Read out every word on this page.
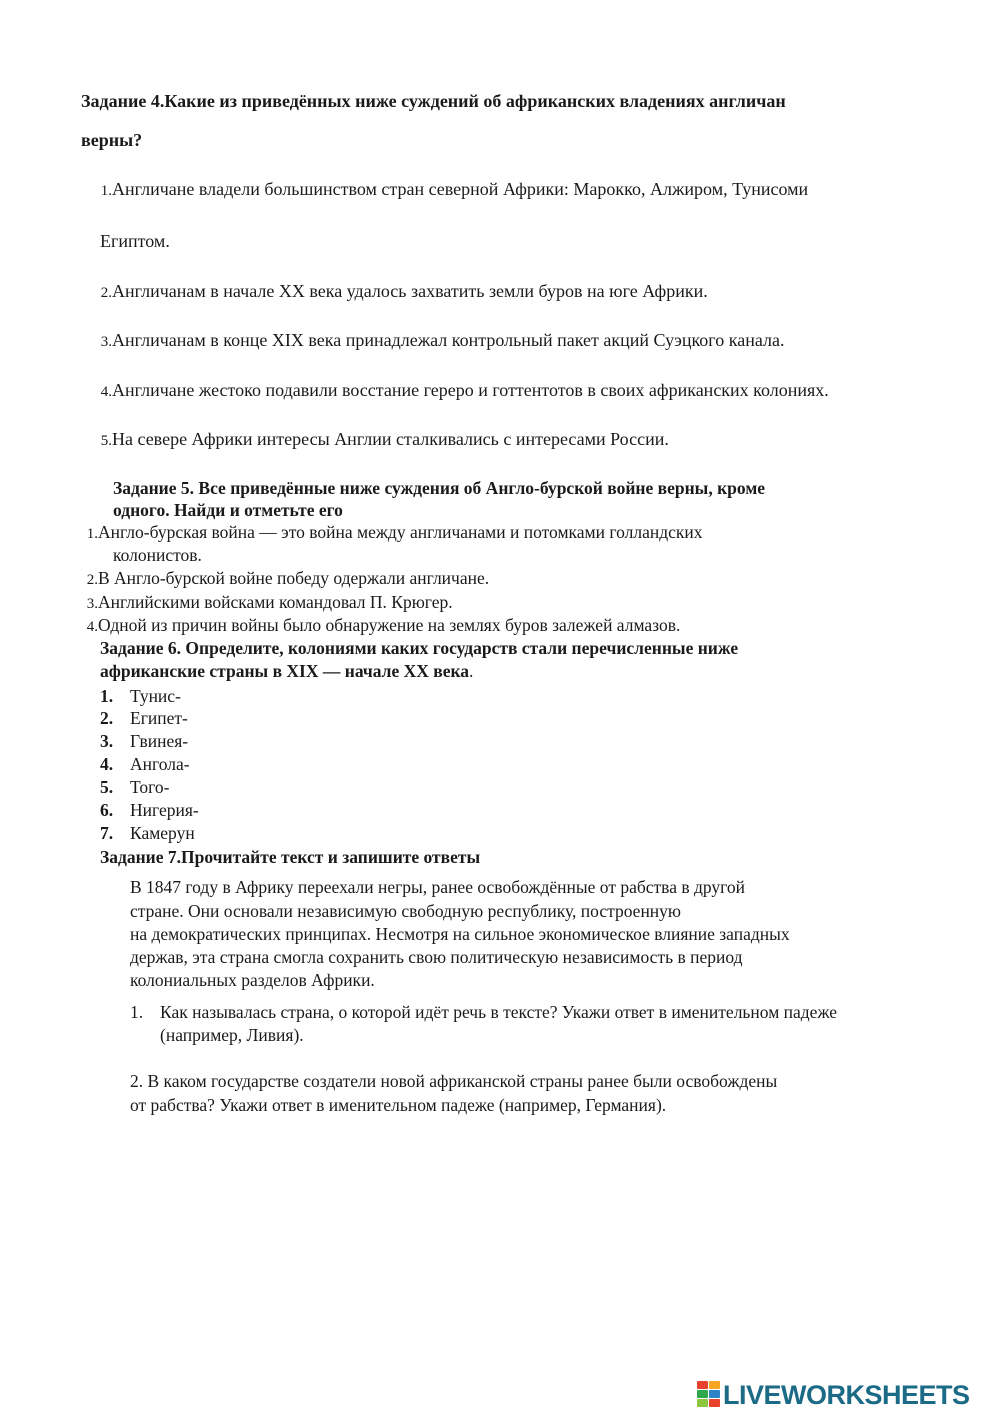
Задание 4.Какие из приведённых ниже суждений об африканских владениях англичан
верны?
1.Англичане владели большинством стран северной Африки: Марокко, Алжиром, Тунисоми
Египтом.
2.Англичанам в начале XX века удалось захватить земли буров на юге Африки.
3.Англичанам в конце XIX века принадлежал контрольный пакет акций Суэцкого канала.
4.Англичане жестоко подавили восстание гереро и готтентотов в своих африканских колониях.
5.На севере Африки интересы Англии сталкивались с интересами России.
Задание 5. Все приведённые ниже суждения об Англо-бурской войне верны, кроме
одного. Найди и отметьте его
1.Англо-бурская война — это война между англичанами и потомками голландских
колонистов.
2.В Англо-бурской войне победу одержали англичане.
3.Английскими войсками командовал П. Крюгер.
4.Одной из причин войны было обнаружение на землях буров залежей алмазов.
Задание 6. Определите, колониями каких государств стали перечисленные ниже
африканские страны в XIX — начале XX века.
1. Тунис-
2. Египет-
3. Гвинея-
4. Ангола-
5. Того-
6. Нигерия-
7. Камерун
Задание 7.Прочитайте текст и запишите ответы
В 1847 году в Африку переехали негры, ранее освобождённые от рабства в другой
стране. Они основали независимую свободную республику, построенную
на демократических принципах. Несмотря на сильное экономическое влияние западных
держав, эта страна смогла сохранить свою политическую независимость в период
колониальных разделов Африки.
1. Как называлась страна, о которой идёт речь в тексте? Укажи ответ в именительном падеже
(например, Ливия).
2. В каком государстве создатели новой африканской страны ранее были освобождены
от рабства? Укажи ответ в именительном падеже (например, Германия).
LIVEWORKSHEETS
